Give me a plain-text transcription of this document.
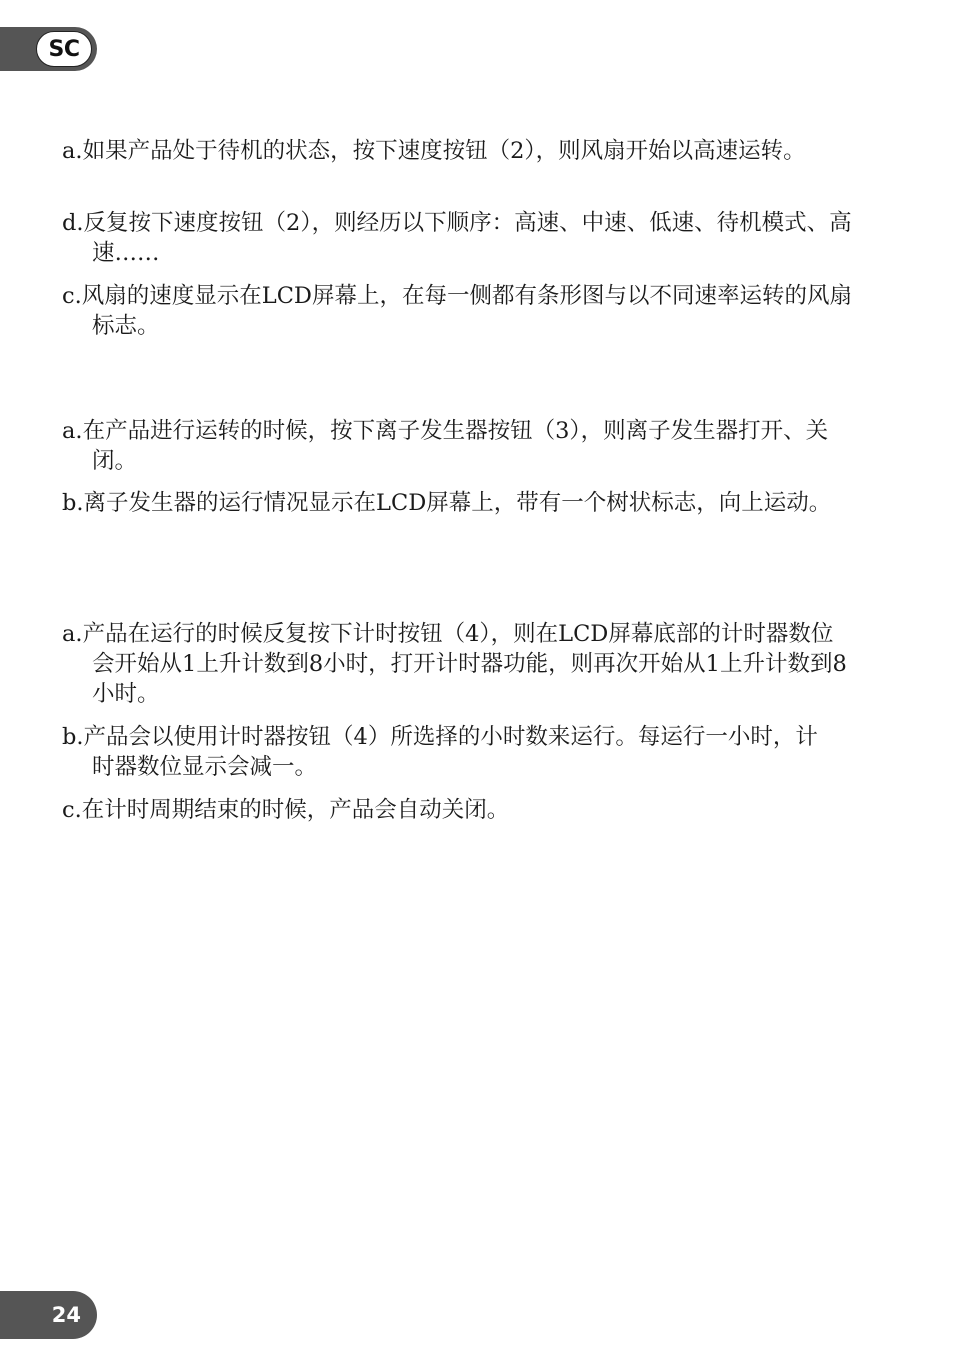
SC
a.如果产品处于待机的状态，按下速度按钮（2），则风扇开始以高速运转。
d.反复按下速度按钮（2），则经历以下顺序：高速、中速、低速、待机模式、高速……
c.风扇的速度显示在LCD屏幕上，在每一侧都有条形图与以不同速率运转的风扇标志。
a.在产品进行运转的时候，按下离子发生器按钮（3），则离子发生器打开、关闭。
b.离子发生器的运行情况显示在LCD屏幕上，带有一个树状标志，向上运动。
a.产品在运行的时候反复按下计时按钮（4），则在LCD屏幕底部的计时器数位会开始从1上升计数到8小时，打开计时器功能，则再次开始从1上升计数到8小时。
b.产品会以使用计时器按钮（4）所选择的小时数来运行。每运行一小时，计时器数位显示会减一。
c.在计时周期结束的时候，产品会自动关闭。
24
